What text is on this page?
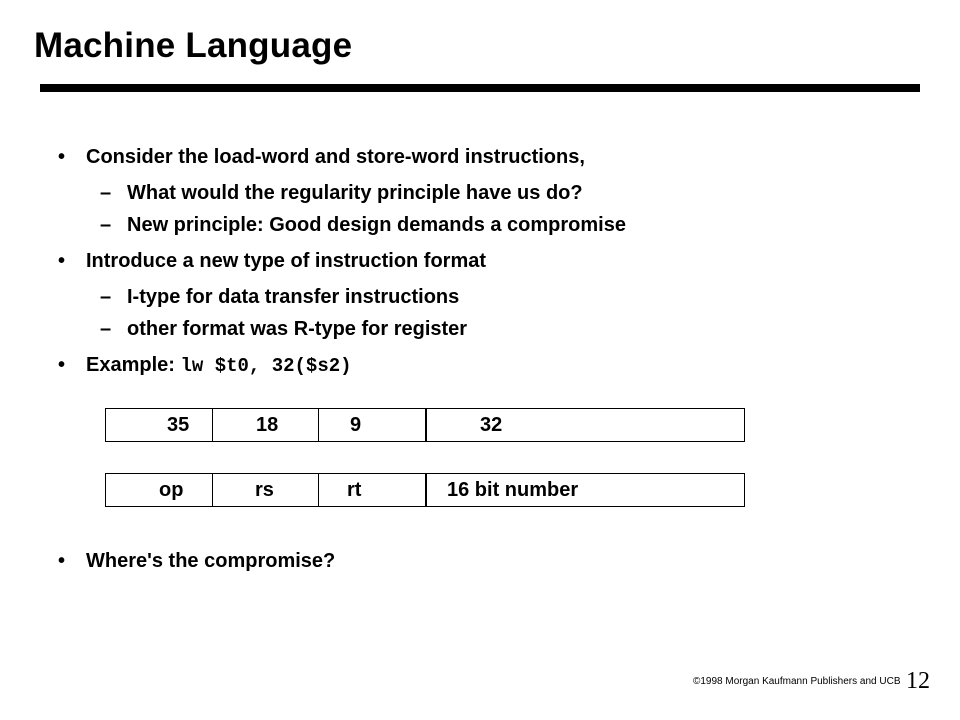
Machine Language
• Consider the load-word and store-word instructions,
– What would the regularity principle have us do?
– New principle: Good design demands a compromise
• Introduce a new type of instruction format
– I-type for data transfer instructions
– other format was R-type for register
• Example: lw $t0, 32($s2)
35	18	9	32
op	rs	rt	16 bit number
• Where's the compromise?
©1998 Morgan Kaufmann Publishers and UCB 12
